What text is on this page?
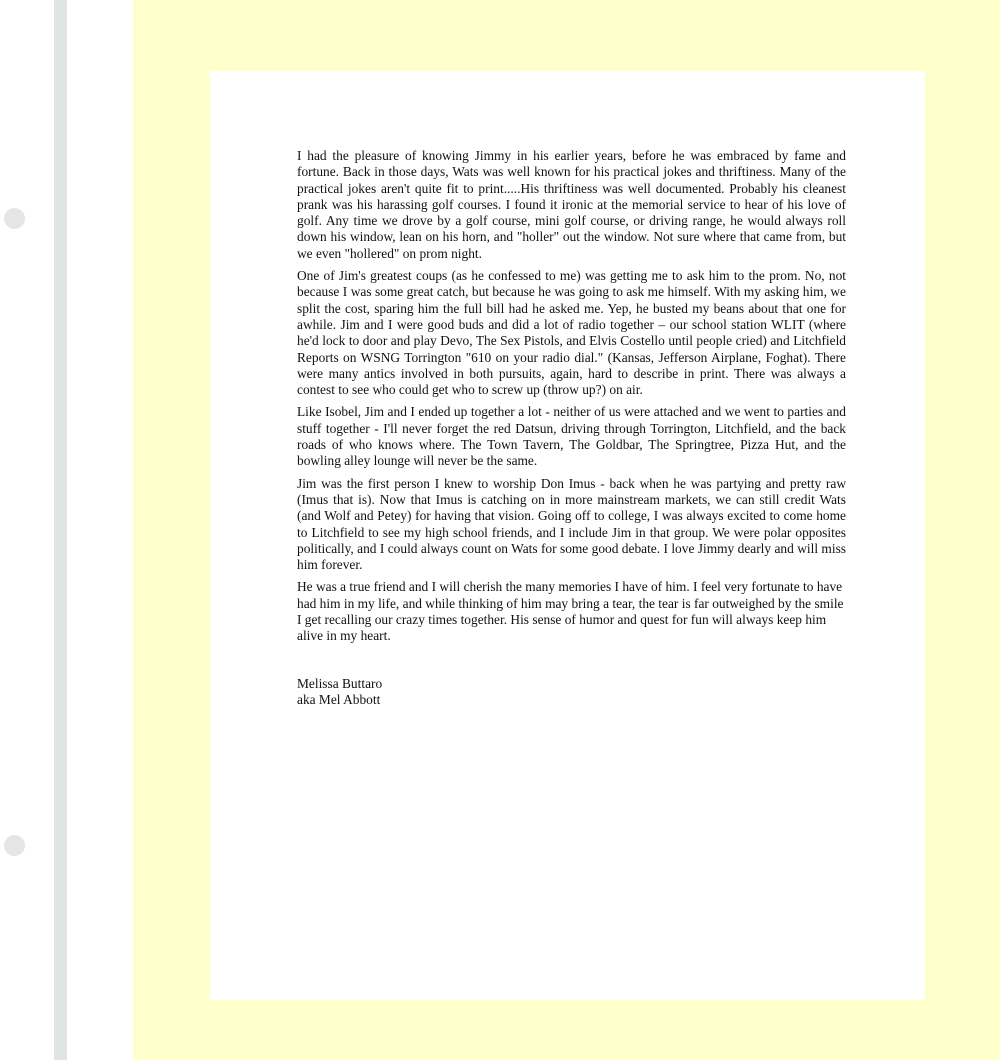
I had the pleasure of knowing Jimmy in his earlier years, before he was embraced by fame and fortune. Back in those days, Wats was well known for his practical jokes and thriftiness. Many of the practical jokes aren't quite fit to print.....His thriftiness was well documented. Probably his cleanest prank was his harassing golf courses. I found it ironic at the memorial service to hear of his love of golf. Any time we drove by a golf course, mini golf course, or driving range, he would always roll down his window, lean on his horn, and "holler" out the window. Not sure where that came from, but we even "hollered" on prom night.

One of Jim's greatest coups (as he confessed to me) was getting me to ask him to the prom. No, not because I was some great catch, but because he was going to ask me himself. With my asking him, we split the cost, sparing him the full bill had he asked me. Yep, he busted my beans about that one for awhile. Jim and I were good buds and did a lot of radio together – our school station WLIT (where he'd lock to door and play Devo, The Sex Pistols, and Elvis Costello until people cried) and Litchfield Reports on WSNG Torrington "610 on your radio dial." (Kansas, Jefferson Airplane, Foghat). There were many antics involved in both pursuits, again, hard to describe in print. There was always a contest to see who could get who to screw up (throw up?) on air.

Like Isobel, Jim and I ended up together a lot - neither of us were attached and we went to parties and stuff together - I'll never forget the red Datsun, driving through Torrington, Litchfield, and the back roads of who knows where. The Town Tavern, The Goldbar, The Springtree, Pizza Hut, and the bowling alley lounge will never be the same.

Jim was the first person I knew to worship Don Imus - back when he was partying and pretty raw (Imus that is). Now that Imus is catching on in more mainstream markets, we can still credit Wats (and Wolf and Petey) for having that vision. Going off to college, I was always excited to come home to Litchfield to see my high school friends, and I include Jim in that group. We were polar opposites politically, and I could always count on Wats for some good debate. I love Jimmy dearly and will miss him forever.

He was a true friend and I will cherish the many memories I have of him. I feel very fortunate to have had him in my life, and while thinking of him may bring a tear, the tear is far outweighed by the smile I get recalling our crazy times together. His sense of humor and quest for fun will always keep him alive in my heart.

Melissa Buttaro
aka Mel Abbott
